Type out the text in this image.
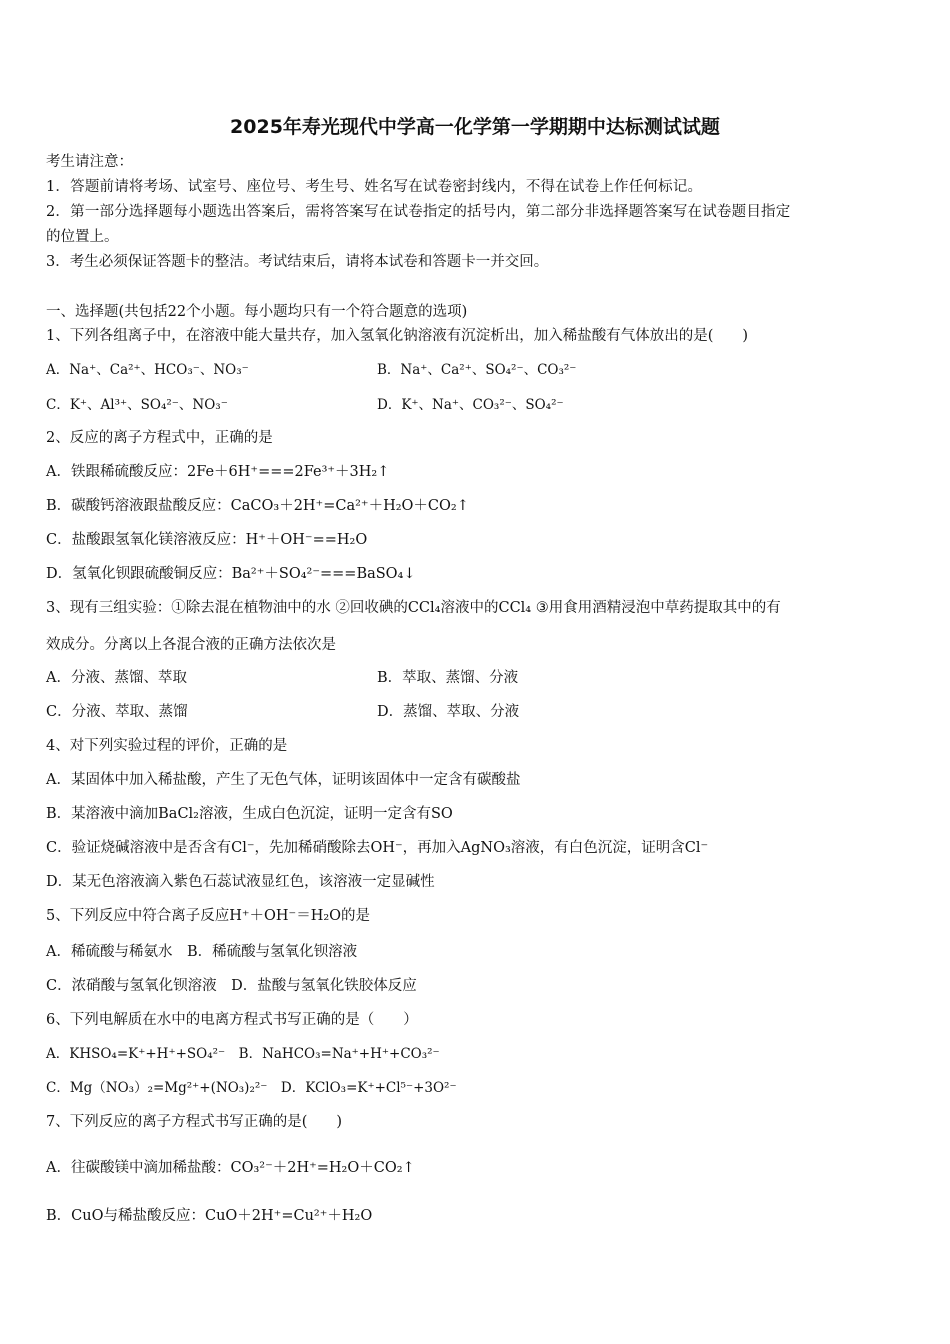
2025年寿光现代中学高一化学第一学期期中达标测试试题
考生请注意：
1．答题前请将考场、试室号、座位号、考生号、姓名写在试卷密封线内，不得在试卷上作任何标记。
2．第一部分选择题每小题选出答案后，需将答案写在试卷指定的括号内，第二部分非选择题答案写在试卷题目指定
的位置上。
3．考生必须保证答题卡的整洁。考试结束后，请将本试卷和答题卡一并交回。
一、选择题(共包括22个小题。每小题均只有一个符合题意的选项)
1、下列各组离子中，在溶液中能大量共存，加入氢氧化钠溶液有沉淀析出，加入稀盐酸有气体放出的是(　　)
A．Na⁺、Ca²⁺、HCO₃⁻、NO₃⁻	B．Na⁺、Ca²⁺、SO₄²⁻、CO₃²⁻
C．K⁺、Al³⁺、SO₄²⁻、NO₃⁻	D．K⁺、Na⁺、CO₃²⁻、SO₄²⁻
2、反应的离子方程式中，正确的是
A．铁跟稀硫酸反应：2Fe＋6H⁺===2Fe³⁺＋3H₂↑
B．碳酸钙溶液跟盐酸反应：CaCO₃＋2H⁺=Ca²⁺＋H₂O＋CO₂↑
C．盐酸跟氢氧化镁溶液反应：H⁺＋OH⁻==H₂O
D．氢氧化钡跟硫酸铜反应：Ba²⁺＋SO₄²⁻===BaSO₄↓
3、现有三组实验：①除去混在植物油中的水 ②回收碘的CCl₄溶液中的CCl₄ ③用食用酒精浸泡中草药提取其中的有
效成分。分离以上各混合液的正确方法依次是
A．分液、蒸馏、萃取	B．萃取、蒸馏、分液
C．分液、萃取、蒸馏	D．蒸馏、萃取、分液
4、对下列实验过程的评价，正确的是
A．某固体中加入稀盐酸，产生了无色气体，证明该固体中一定含有碳酸盐
B．某溶液中滴加BaCl₂溶液，生成白色沉淀，证明一定含有SO
C．验证烧碱溶液中是否含有Cl⁻，先加稀硝酸除去OH⁻，再加入AgNO₃溶液，有白色沉淀，证明含Cl⁻
D．某无色溶液滴入紫色石蕊试液显红色，该溶液一定显碱性
5、下列反应中符合离子反应H⁺＋OH⁻＝H₂O的是
A．稀硫酸与稀氨水　B．稀硫酸与氢氧化钡溶液
C．浓硝酸与氢氧化钡溶液　D．盐酸与氢氧化铁胶体反应
6、下列电解质在水中的电离方程式书写正确的是（　　）
A．KHSO₄=K⁺+H⁺+SO₄²⁻　B．NaHCO₃=Na⁺+H⁺+CO₃²⁻
C．Mg（NO₃）₂=Mg²⁺+(NO₃)₂²⁻　D．KClO₃=K⁺+Cl⁵⁻+3O²⁻
7、下列反应的离子方程式书写正确的是(　　)
A．往碳酸镁中滴加稀盐酸：CO₃²⁻＋2H⁺=H₂O＋CO₂↑
B．CuO与稀盐酸反应：CuO＋2H⁺=Cu²⁺＋H₂O
